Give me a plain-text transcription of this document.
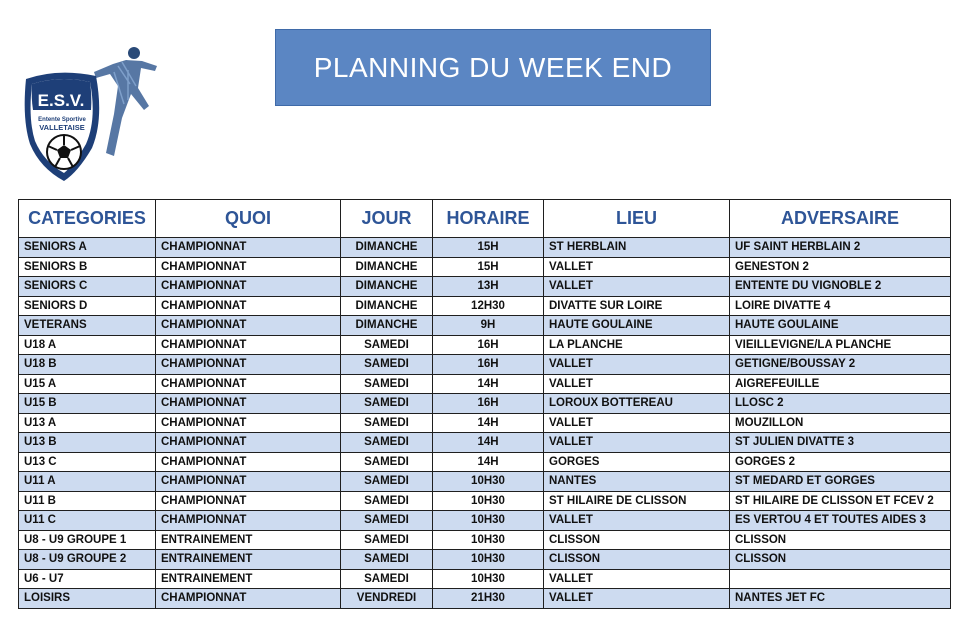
E.S.V.
Entente Sportive
VALLETAISE
PLANNING DU WEEK END
CATEGORIES	QUOI	JOUR	HORAIRE	LIEU	ADVERSAIRE
SENIORS A	CHAMPIONNAT	DIMANCHE	15H	ST HERBLAIN	UF SAINT HERBLAIN 2
SENIORS B	CHAMPIONNAT	DIMANCHE	15H	VALLET	GENESTON 2
SENIORS C	CHAMPIONNAT	DIMANCHE	13H	VALLET	ENTENTE DU VIGNOBLE 2
SENIORS D	CHAMPIONNAT	DIMANCHE	12H30	DIVATTE SUR LOIRE	LOIRE DIVATTE 4
VETERANS	CHAMPIONNAT	DIMANCHE	9H	HAUTE GOULAINE	HAUTE GOULAINE
U18 A	CHAMPIONNAT	SAMEDI	16H	LA PLANCHE	VIEILLEVIGNE/LA PLANCHE
U18 B	CHAMPIONNAT	SAMEDI	16H	VALLET	GETIGNE/BOUSSAY 2
U15 A	CHAMPIONNAT	SAMEDI	14H	VALLET	AIGREFEUILLE
U15 B	CHAMPIONNAT	SAMEDI	16H	LOROUX BOTTEREAU	LLOSC 2
U13 A	CHAMPIONNAT	SAMEDI	14H	VALLET	MOUZILLON
U13 B	CHAMPIONNAT	SAMEDI	14H	VALLET	ST JULIEN DIVATTE 3
U13 C	CHAMPIONNAT	SAMEDI	14H	GORGES	GORGES 2
U11 A	CHAMPIONNAT	SAMEDI	10H30	NANTES	ST MEDARD ET GORGES
U11 B	CHAMPIONNAT	SAMEDI	10H30	ST HILAIRE DE CLISSON	ST HILAIRE DE CLISSON ET FCEV 2
U11 C	CHAMPIONNAT	SAMEDI	10H30	VALLET	ES VERTOU 4 ET TOUTES AIDES 3
U8 - U9 GROUPE 1	ENTRAINEMENT	SAMEDI	10H30	CLISSON	CLISSON
U8 - U9 GROUPE 2	ENTRAINEMENT	SAMEDI	10H30	CLISSON	CLISSON
U6 - U7	ENTRAINEMENT	SAMEDI	10H30	VALLET	
LOISIRS	CHAMPIONNAT	VENDREDI	21H30	VALLET	NANTES JET FC
